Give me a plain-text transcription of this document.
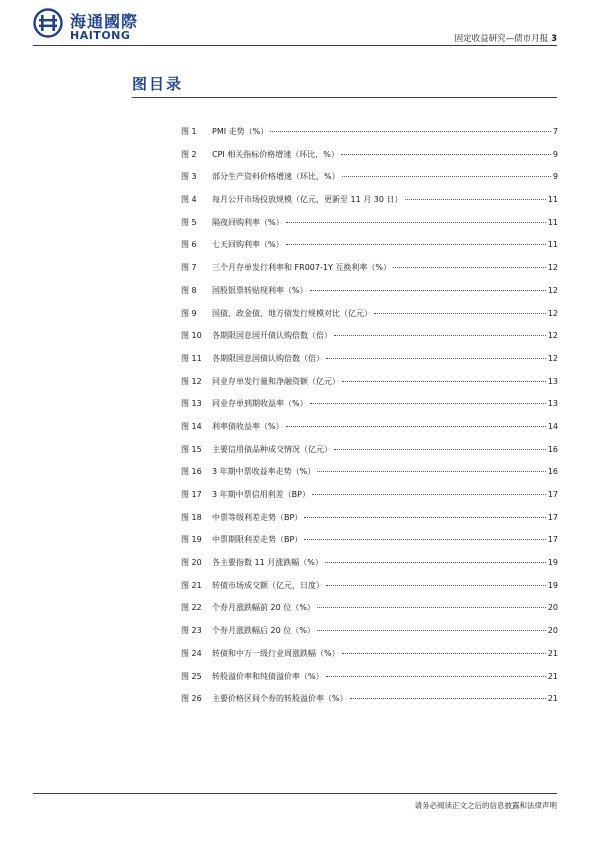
海通國際
HAITONG	固定收益研究—债市月报 3
图目录
图 1	PMI 走势（%）	7
图 2	CPI 相关指标价格增速（环比，%）	9
图 3	部分生产资料价格增速（环比，%）	9
图 4	每月公开市场投放规模（亿元，更新至 11 月 30 日）	11
图 5	隔夜回购利率（%）	11
图 6	七天回购利率（%）	11
图 7	三个月存单发行利率和 FR007-1Y 互换利率（%）	12
图 8	国股银票转贴现利率（%）	12
图 9	国债、政金债、地方债发行规模对比（亿元）	12
图 10	各期限国息国开债认购倍数（倍）	12
图 11	各期限国息国债认购倍数（倍）	12
图 12	同业存单发行量和净融资额（亿元）	13
图 13	同业存单到期收益率（%）	13
图 14	利率债收益率（%）	14
图 15	主要信用债品种成交情况（亿元）	16
图 16	3 年期中票收益率走势（%）	16
图 17	3 年期中票信用利差（BP）	17
图 18	中票等级利差走势（BP）	17
图 19	中票期限利差走势（BP）	17
图 20	各主要指数 11 月涨跌幅（%）	19
图 21	转债市场成交额（亿元，日度）	19
图 22	个券月涨跌幅前 20 位（%）	20
图 23	个券月涨跌幅后 20 位（%）	20
图 24	转债和中万一级行业周涨跌幅（%）	21
图 25	转股溢价率和纯债溢价率（%）	21
图 26	主要价格区间个券的转股溢价率（%）	21
请务必阅读正文之后的信息披露和法律声明
